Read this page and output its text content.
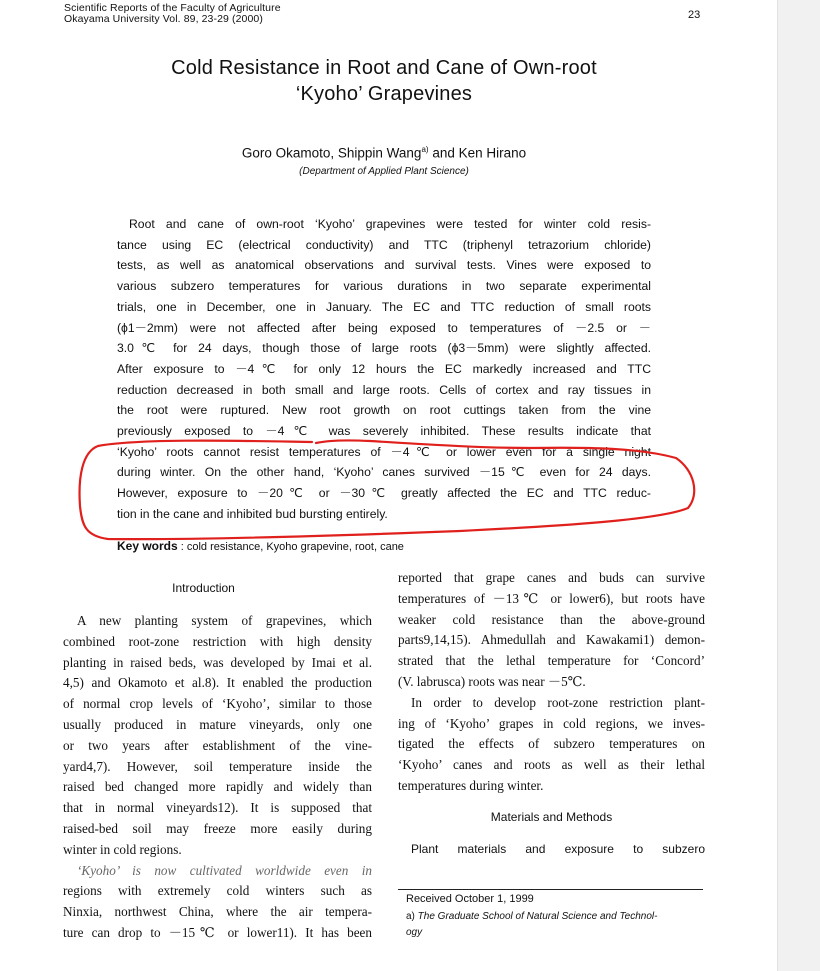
Scientific Reports of the Faculty of Agriculture
Okayama University Vol. 89, 23-29 (2000)	23
Cold Resistance in Root and Cane of Own-root
‘Kyoho’ Grapevines
Goro Okamoto, Shippin Wang$^{a)}$ and Ken Hirano
(Department of Applied Plant Science)
Root and cane of own-root ‘Kyoho’ grapevines were tested for winter cold resis-
tance using EC (electrical conductivity) and TTC (triphenyl tetrazorium chloride)
tests, as well as anatomical observations and survival tests. Vines were exposed to
various subzero temperatures for various durations in two separate experimental
trials, one in December, one in January. The EC and TTC reduction of small roots
(ϕ1－2mm) were not affected after being exposed to temperatures of －2.5 or －
3.0℃ for 24 days, though those of large roots (ϕ3－5mm) were slightly affected.
After exposure to －4℃ for only 12 hours the EC markedly increased and TTC
reduction decreased in both small and large roots. Cells of cortex and ray tissues in
the root were ruptured. New root growth on root cuttings taken from the vine
previously exposed to －4℃ was severely inhibited. These results indicate that
‘Kyoho’ roots cannot resist temperatures of －4℃ or lower even for a single night
during winter. On the other hand, ‘Kyoho’ canes survived －15℃ even for 24 days.
However, exposure to －20℃ or －30℃ greatly affected the EC and TTC reduc-
tion in the cane and inhibited bud bursting entirely.
Key words : cold resistance, Kyoho grapevine, root, cane
Introduction
A new planting system of grapevines, which
combined root-zone restriction with high density
planting in raised beds, was developed by Imai et al.
4,5) and Okamoto et al.8). It enabled the production
of normal crop levels of ‘Kyoho’, similar to those
usually produced in mature vineyards, only one
or two years after establishment of the vine-
yard4,7). However, soil temperature inside the
raised bed changed more rapidly and widely than
that in normal vineyards12). It is supposed that
raised-bed soil may freeze more easily during
winter in cold regions.
‘Kyoho’ is now cultivated worldwide even in
regions with extremely cold winters such as
Ninxia, northwest China, where the air tempera-
ture can drop to －15℃ or lower11). It has been
reported that grape canes and buds can survive
temperatures of －13℃ or lower6), but roots have
weaker cold resistance than the above-ground
parts9,14,15). Ahmedullah and Kawakami1) demon-
strated that the lethal temperature for ‘Concord’
(V. labrusca) roots was near －5℃.
In order to develop root-zone restriction plant-
ing of ‘Kyoho’ grapes in cold regions, we inves-
tigated the effects of subzero temperatures on
‘Kyoho’ canes and roots as well as their lethal
temperatures during winter.
Materials and Methods
Plant materials and exposure to subzero
Received October 1, 1999
a) The Graduate School of Natural Science and Technol-
ogy
